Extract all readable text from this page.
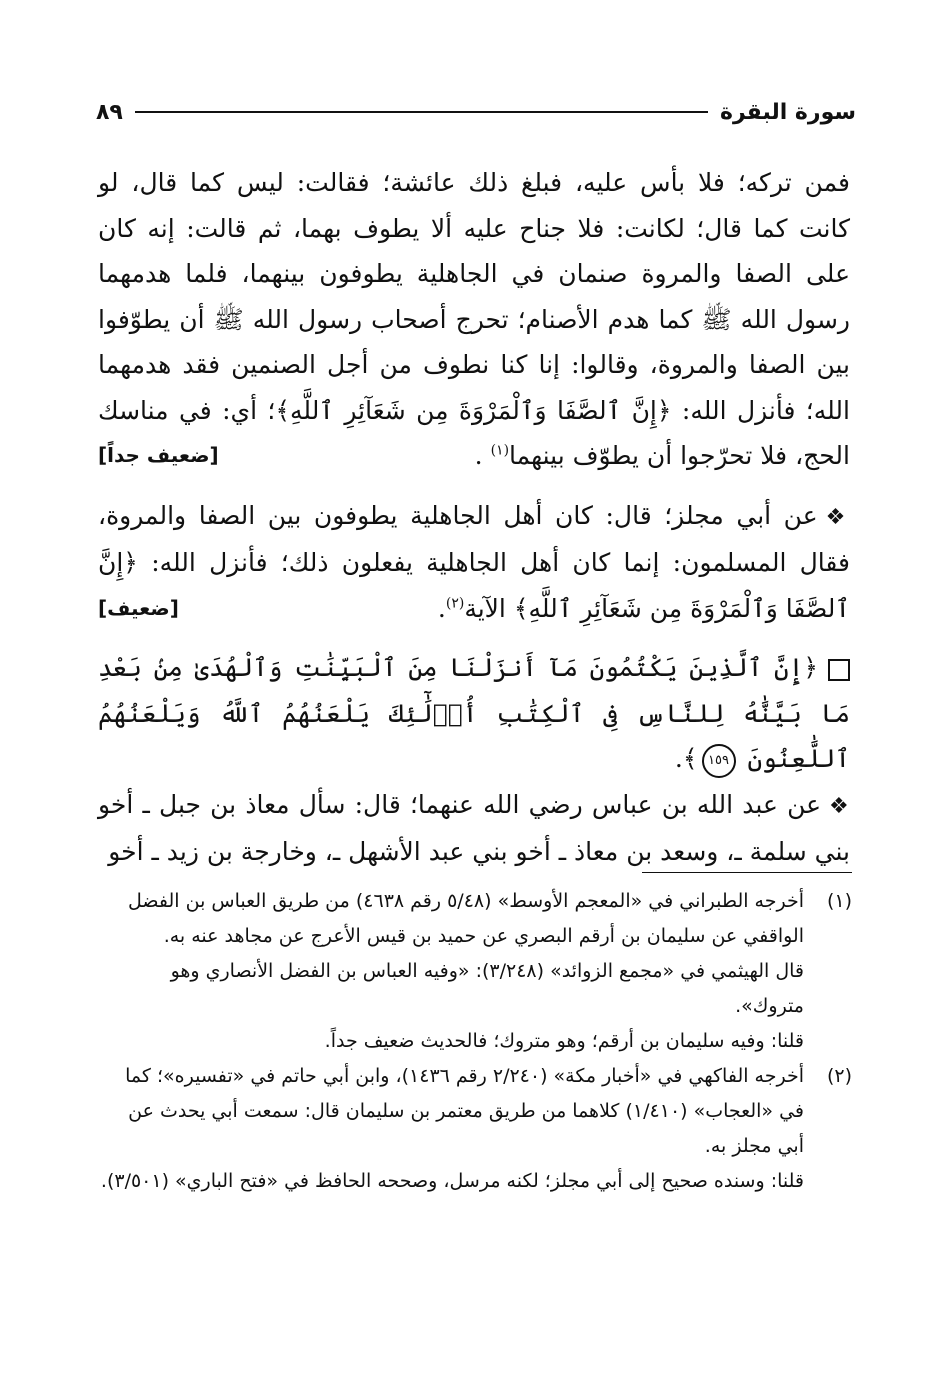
سورة البقرة
٨٩

فمن تركه؛ فلا بأس عليه، فبلغ ذلك عائشة؛ فقالت: ليس كما قال، لو كانت كما قال؛ لكانت: فلا جناح عليه ألا يطوف بهما، ثم قالت: إنه كان على الصفا والمروة صنمان في الجاهلية يطوفون بينهما، فلما هدمهما رسول الله ﷺ كما هدم الأصنام؛ تحرج أصحاب رسول الله ﷺ أن يطوّفوا بين الصفا والمروة، وقالوا: إنا كنا نطوف من أجل الصنمين فقد هدمهما الله؛ فأنزل الله: ﴿إِنَّ ٱلصَّفَا وَٱلْمَرْوَةَ مِن شَعَآئِرِ ٱللَّهِ﴾؛ أي: في مناسك الحج، فلا تحرّجوا أن يطوّف بينهما$^{(١)}$ .
[ضعيف جداً]

❖عن أبي مجلز؛ قال: كان أهل الجاهلية يطوفون بين الصفا والمروة، فقال المسلمون: إنما كان أهل الجاهلية يفعلون ذلك؛ فأنزل الله: ﴿إِنَّ ٱلصَّفَا وَٱلْمَرْوَةَ مِن شَعَآئِرِ ٱللَّهِ﴾ الآية$^{(٢)}$.
[ضعيف]

﴿إِنَّ ٱلَّذِينَ يَكْتُمُونَ مَآ أَنزَلْنَا مِنَ ٱلْبَيِّنَٰتِ وَٱلْهُدَىٰ مِنۢ بَعْدِ مَا بَيَّنَّٰهُ لِلنَّاسِ فِى ٱلْكِتَٰبِ أُو۟لَٰٓئِكَ يَلْعَنُهُمُ ٱللَّهُ وَيَلْعَنُهُمُ ٱللَّٰعِنُونَ ١٥٩﴾.

❖عن عبد الله بن عباس رضي الله عنهما؛ قال: سأل معاذ بن جبل ـ أخو بني سلمة ـ، وسعد بن معاذ ـ أخو بني عبد الأشهل ـ، وخارجة بن زيد ـ أخو

(١)
أخرجه الطبراني في «المعجم الأوسط» (٥/٤٨ رقم ٤٦٣٨) من طريق العباس بن الفضل الواقفي عن سليمان بن أرقم البصري عن حميد بن قيس الأعرج عن مجاهد عنه به.

قال الهيثمي في «مجمع الزوائد» (٣/٢٤٨): «وفيه العباس بن الفضل الأنصاري وهو متروك».

قلنا: وفيه سليمان بن أرقم؛ وهو متروك؛ فالحديث ضعيف جداً.

(٢)
أخرجه الفاكهي في «أخبار مكة» (٢/٢٤٠ رقم ١٤٣٦)، وابن أبي حاتم في «تفسيره»؛ كما في «العجاب» (١/٤١٠) كلاهما من طريق معتمر بن سليمان قال: سمعت أبي يحدث عن أبي مجلز به.

قلنا: وسنده صحيح إلى أبي مجلز؛ لكنه مرسل، وصححه الحافظ في «فتح الباري» (٣/٥٠١).
